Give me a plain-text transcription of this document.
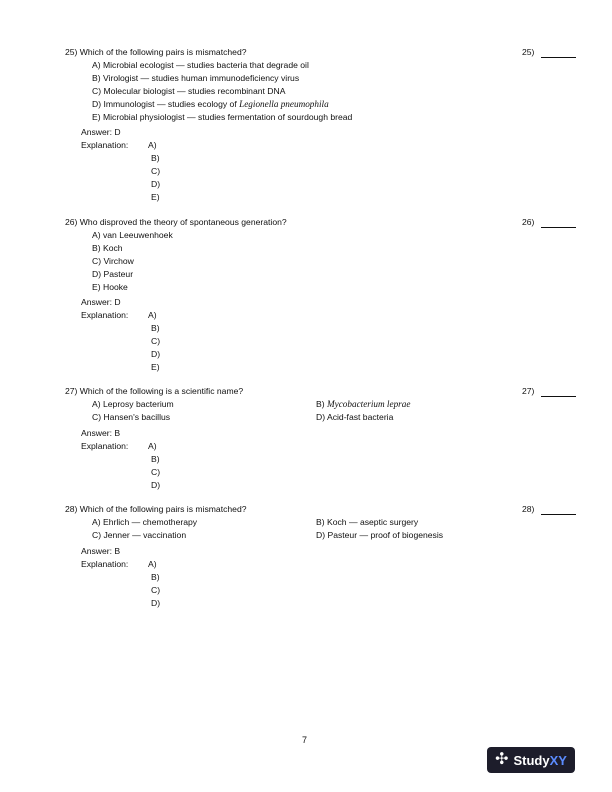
25) Which of the following pairs is mismatched?	25)
A) Microbial ecologist — studies bacteria that degrade oil
B) Virologist — studies human immunodeficiency virus
C) Molecular biologist — studies recombinant DNA
D) Immunologist — studies ecology of Legionella pneumophila
E) Microbial physiologist — studies fermentation of sourdough bread
Answer: D
Explanation: A)
B)
C)
D)
E)
26) Who disproved the theory of spontaneous generation?	26)
A) van Leeuwenhoek
B) Koch
C) Virchow
D) Pasteur
E) Hooke
Answer: D
Explanation: A)
B)
C)
D)
E)
27) Which of the following is a scientific name?	27)
A) Leprosy bacterium	B) Mycobacterium leprae
C) Hansen's bacillus	D) Acid-fast bacteria
Answer: B
Explanation: A)
B)
C)
D)
28) Which of the following pairs is mismatched?	28)
A) Ehrlich — chemotherapy	B) Koch — aseptic surgery
C) Jenner — vaccination	D) Pasteur — proof of biogenesis
Answer: B
Explanation: A)
B)
C)
D)
7
✣ StudyXY
